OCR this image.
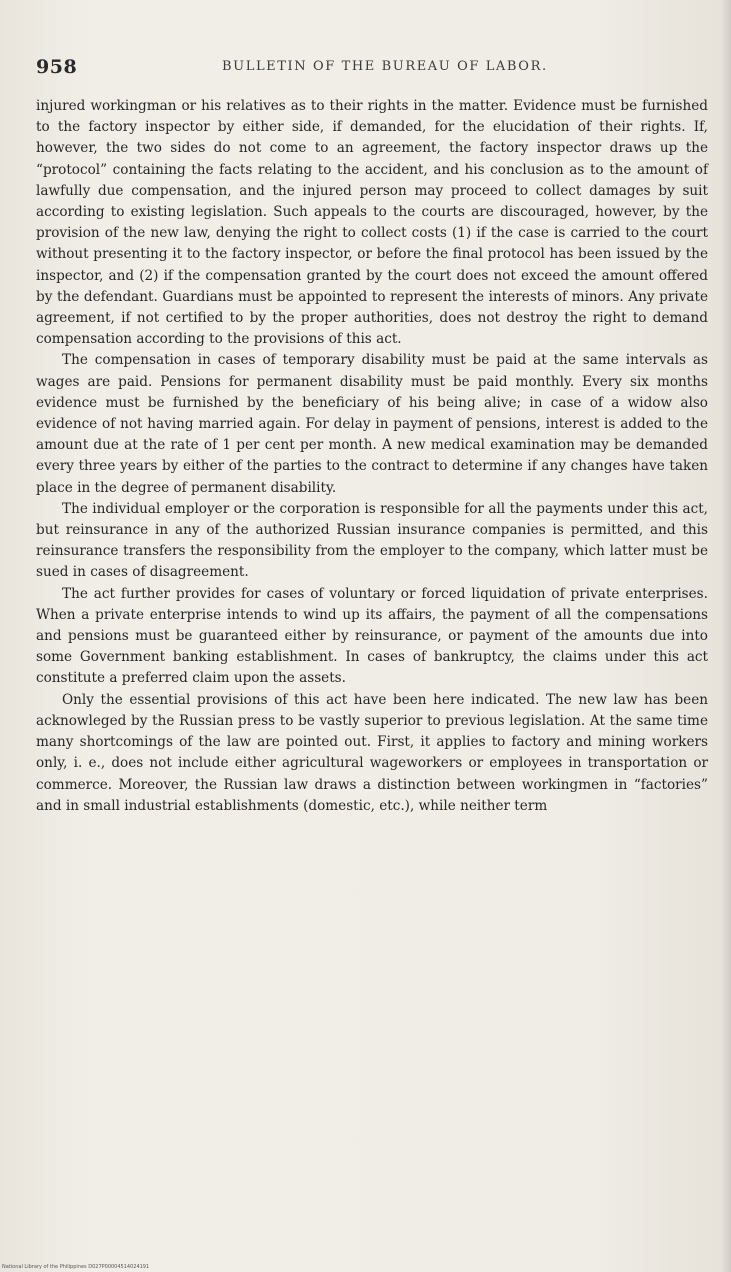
958	BULLETIN OF THE BUREAU OF LABOR.

injured workingman or his relatives as to their rights in the matter. Evidence must be furnished to the factory inspector by either side, if demanded, for the elucidation of their rights. If, however, the two sides do not come to an agreement, the factory inspector draws up the “protocol” containing the facts relating to the accident, and his conclusion as to the amount of lawfully due compensation, and the injured person may proceed to collect damages by suit according to existing legislation. Such appeals to the courts are discouraged, however, by the provision of the new law, denying the right to collect costs (1) if the case is carried to the court without presenting it to the factory inspector, or before the final protocol has been issued by the inspector, and (2) if the compensation granted by the court does not exceed the amount offered by the defendant. Guardians must be appointed to represent the interests of minors. Any private agreement, if not certified to by the proper authorities, does not destroy the right to demand compensation according to the provisions of this act.

The compensation in cases of temporary disability must be paid at the same intervals as wages are paid. Pensions for permanent disability must be paid monthly. Every six months evidence must be furnished by the beneficiary of his being alive; in case of a widow also evidence of not having married again. For delay in payment of pensions, interest is added to the amount due at the rate of 1 per cent per month. A new medical examination may be demanded every three years by either of the parties to the contract to determine if any changes have taken place in the degree of permanent disability.

The individual employer or the corporation is responsible for all the payments under this act, but reinsurance in any of the authorized Russian insurance companies is permitted, and this reinsurance transfers the responsibility from the employer to the company, which latter must be sued in cases of disagreement.

The act further provides for cases of voluntary or forced liquidation of private enterprises. When a private enterprise intends to wind up its affairs, the payment of all the compensations and pensions must be guaranteed either by reinsurance, or payment of the amounts due into some Government banking establishment. In cases of bankruptcy, the claims under this act constitute a preferred claim upon the assets.

Only the essential provisions of this act have been here indicated. The new law has been acknowleged by the Russian press to be vastly superior to previous legislation. At the same time many shortcomings of the law are pointed out. First, it applies to factory and mining workers only, i. e., does not include either agricultural wageworkers or employees in transportation or commerce. Moreover, the Russian law draws a distinction between workingmen in “factories” and in small industrial establishments (domestic, etc.), while neither term

National Library of the Philippines D027P00004514024191
